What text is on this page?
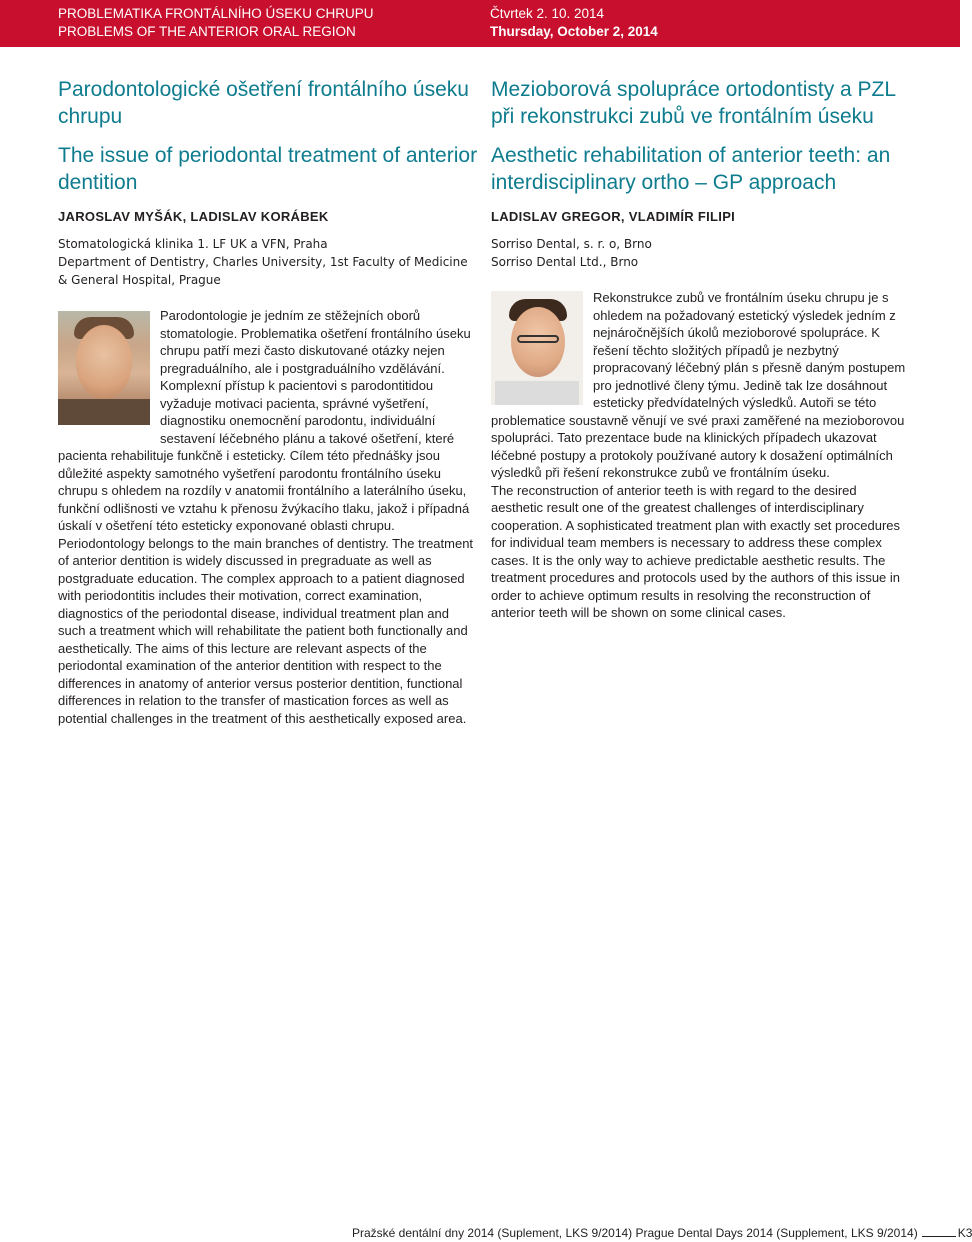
PROBLEMATIKA FRONTÁLNÍHO ÚSEKU CHRUPU
PROBLEMS OF THE ANTERIOR ORAL REGION
Čtvrtek 2. 10. 2014
Thursday, October 2, 2014
Parodontologické ošetření frontálního úseku chrupu
The issue of periodontal treatment of anterior dentition
JAROSLAV MYŠÁK, LADISLAV KORÁBEK
Stomatologická klinika 1. LF UK a VFN, Praha
Department of Dentistry, Charles University, 1st Faculty of Medicine & General Hospital, Prague

Parodontologie je jedním ze stěžejních oborů stomatologie. Problematika ošetření frontálního úseku chrupu patří mezi často diskutované otázky nejen pregraduálního, ale i postgraduálního vzdělávání. Komplexní přístup k pacientovi s parodontitidou vyžaduje motivaci pacienta, správné vyšetření, diagnostiku onemocnění parodontu, individuální sestavení léčebného plánu a takové ošetření, které pacienta rehabilituje funkčně i esteticky. Cílem této přednášky jsou důležité aspekty samotného vyšetření parodontu frontálního úseku chrupu s ohledem na rozdíly v anatomii frontálního a laterálního úseku, funkční odlišnosti ve vztahu k přenosu žvýkacího tlaku, jakož i případná úskalí v ošetření této esteticky exponované oblasti chrupu.

Periodontology belongs to the main branches of dentistry. The treatment of anterior dentition is widely discussed in pregraduate as well as postgraduate education. The complex approach to a patient diagnosed with periodontitis includes their motivation, correct examination, diagnostics of the periodontal disease, individual treatment plan and such a treatment which will rehabilitate the patient both functionally and aesthetically. The aims of this lecture are relevant aspects of the periodontal examination of the anterior dentition with respect to the differences in anatomy of anterior versus posterior dentition, functional differences in relation to the transfer of mastication forces as well as potential challenges in the treatment of this aesthetically exposed area.

Mezioborová spolupráce ortodontisty a PZL při rekonstrukci zubů ve frontálním úseku
Aesthetic rehabilitation of anterior teeth: an interdisciplinary ortho – GP approach
LADISLAV GREGOR, VLADIMÍR FILIPI
Sorriso Dental, s. r. o, Brno
Sorriso Dental Ltd., Brno

Rekonstrukce zubů ve frontálním úseku chrupu je s ohledem na požadovaný estetický výsledek jedním z nejnáročnějších úkolů mezioborové spolupráce. K řešení těchto složitých případů je nezbytný propracovaný léčebný plán s přesně daným postupem pro jednotlivé členy týmu. Jedině tak lze dosáhnout esteticky předvídatelných výsledků. Autoři se této problematice soustavně věnují ve své praxi zaměřené na mezioborovou spolupráci. Tato prezentace bude na klinických případech ukazovat léčebné postupy a protokoly používané autory k dosažení optimálních výsledků při řešení rekonstrukce zubů ve frontálním úseku.

The reconstruction of anterior teeth is with regard to the desired aesthetic result one of the greatest challenges of interdisciplinary cooperation. A sophisticated treatment plan with exactly set procedures for individual team members is necessary to address these complex cases. It is the only way to achieve predictable aesthetic results. The treatment procedures and protocols used by the authors of this issue in order to achieve optimum results in resolving the reconstruction of anterior teeth will be shown on some clinical cases.

Pražské dentální dny 2014 (Suplement, LKS 9/2014) Prague Dental Days 2014 (Supplement, LKS 9/2014)	K3
